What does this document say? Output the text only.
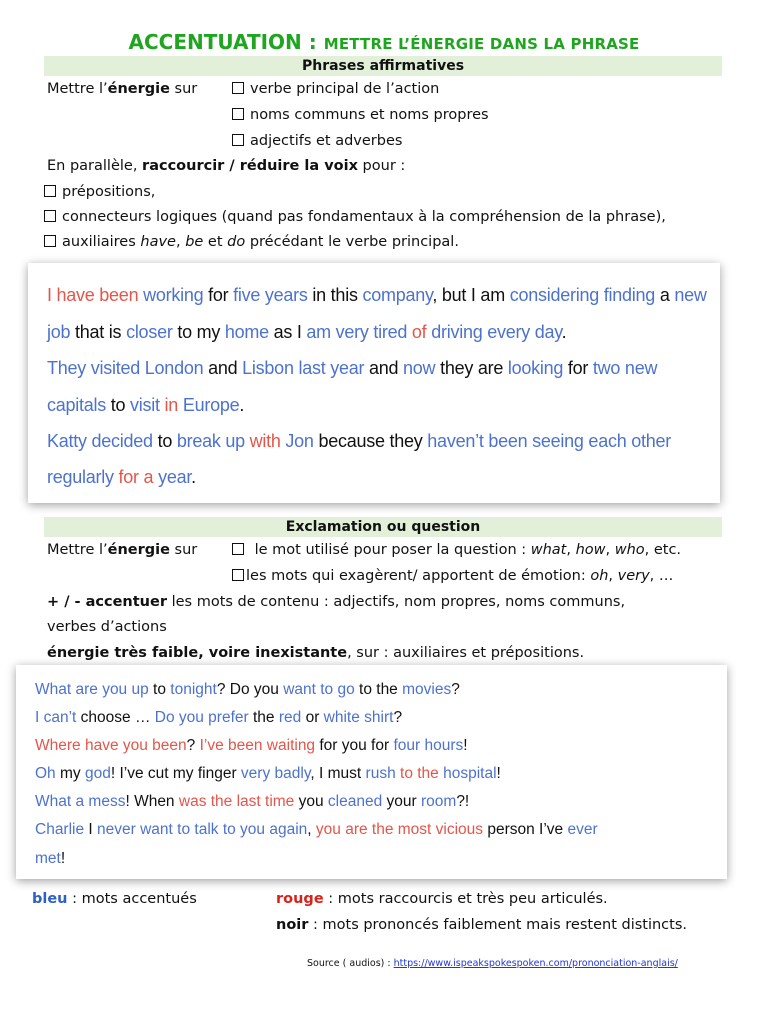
ACCENTUATION : METTRE L’ÉNERGIE DANS LA PHRASE
Phrases affirmatives
Mettre l’énergie sur	verbe principal de l’action
noms communs et noms propres
adjectifs et adverbes
En parallèle, raccourcir / réduire la voix pour :
prépositions,
connecteurs logiques (quand pas fondamentaux à la compréhension de la phrase),
auxiliaires have, be et do précédant le verbe principal.
I have been working for five years in this company, but I am considering finding a new
job that is closer to my home as I am very tired of driving every day.
They visited London and Lisbon last year and now they are looking for two new
capitals to visit in Europe.
Katty decided to break up with Jon because they haven’t been seeing each other
regularly for a year.
Exclamation ou question
Mettre l’énergie sur	le mot utilisé pour poser la question : what, how, who, etc.
les mots qui exagèrent/ apportent de émotion: oh, very, …
+ / - accentuer les mots de contenu : adjectifs, nom propres, noms communs,
verbes d’actions
énergie très faible, voire inexistante, sur : auxiliaires et prépositions.
What are you up to tonight? Do you want to go to the movies?
I can’t choose … Do you prefer the red or white shirt?
Where have you been? I’ve been waiting for you for four hours!
Oh my god! I’ve cut my finger very badly, I must rush to the hospital!
What a mess! When was the last time you cleaned your room?!
Charlie I never want to talk to you again, you are the most vicious person I’ve ever
met!
bleu : mots accentués	rouge : mots raccourcis et très peu articulés.
noir : mots prononcés faiblement mais restent distincts.
Source ( audios) : https://www.ispeakspokespoken.com/prononciation-anglais/
